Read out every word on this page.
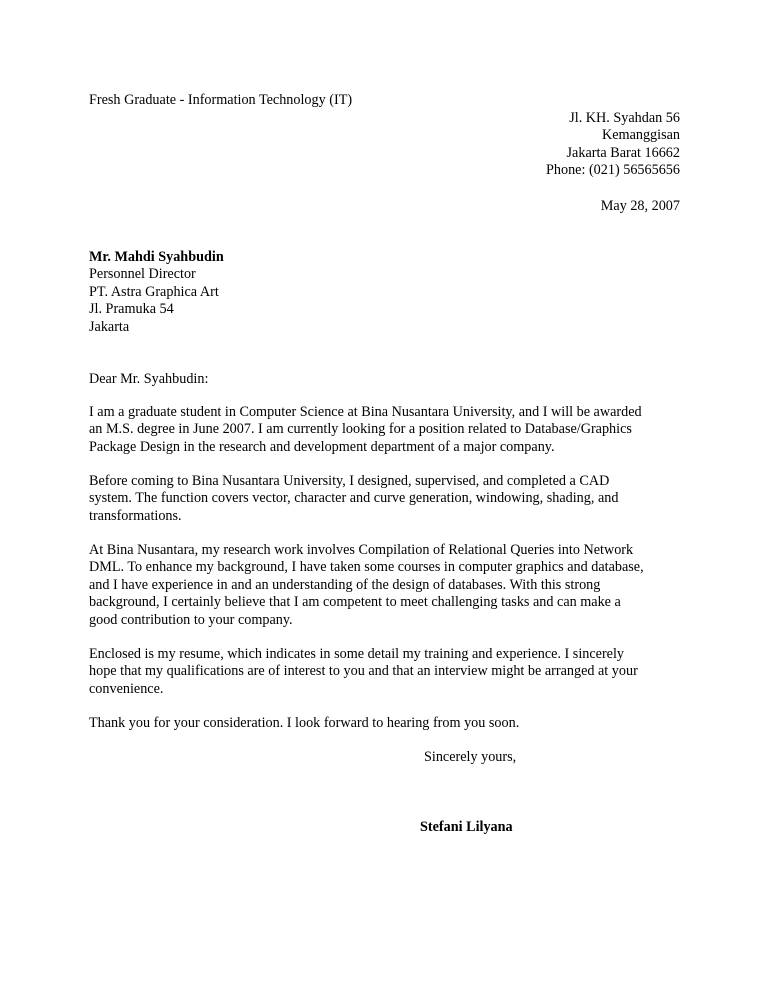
Fresh Graduate - Information Technology (IT)
Jl. KH. Syahdan 56
Kemanggisan
Jakarta Barat 16662
Phone: (021) 56565656
May 28, 2007
Mr. Mahdi Syahbudin
Personnel Director
PT. Astra Graphica Art
Jl. Pramuka 54
Jakarta
Dear Mr. Syahbudin:
I am a graduate student in Computer Science at Bina Nusantara University, and I will be awarded
an M.S. degree in June 2007. I am currently looking for a position related to Database/Graphics
Package Design in the research and development department of a major company.
Before coming to Bina Nusantara University, I designed, supervised, and completed a CAD
system. The function covers vector, character and curve generation, windowing, shading, and
transformations.
At Bina Nusantara, my research work involves Compilation of Relational Queries into Network
DML. To enhance my background, I have taken some courses in computer graphics and database,
and I have experience in and an understanding of the design of databases. With this strong
background, I certainly believe that I am competent to meet challenging tasks and can make a
good contribution to your company.
Enclosed is my resume, which indicates in some detail my training and experience. I sincerely
hope that my qualifications are of interest to you and that an interview might be arranged at your
convenience.
Thank you for your consideration. I look forward to hearing from you soon.
Sincerely yours,
Stefani Lilyana
